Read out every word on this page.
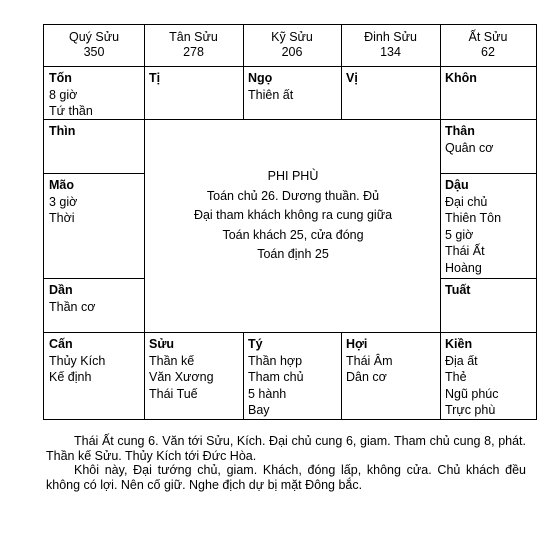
Quý Sửu
350
Tân Sửu
278
Kỹ Sửu
206
Đinh Sửu
134
Ất Sửu
62
Tốn
8 giờ
Tứ thần
Tị	Ngọ
Thiên ất
Vị	Khôn
Thìn
Mão
3 giờ
Thời
Dần
Thần cơ
Thân
Quân cơ
Dậu
Đại chủ
Thiên Tôn
5 giờ
Thái Ất
Hoàng
Tuất
PHI PHÙ
Toán chủ 26. Dương thuần. Đủ
Đại tham khách không ra cung giữa
Toán khách 25, cửa đóng
Toán định 25
Cấn
Thủy Kích
Kế định
Sửu
Thần kế
Văn Xương
Thái Tuế
Tý
Thần hợp
Tham chủ
5 hành
Bay
Hợi
Thái Âm
Dân cơ
Kiền
Địa ất
Thẻ
Ngũ phúc
Trực phù

Thái Ất cung 6. Văn tới Sửu, Kích. Đại chủ cung 6, giam. Tham chủ cung 8, phát. Thần kế Sửu. Thủy Kích tới Đức Hòa.

Khôi này, Đại tướng chủ, giam. Khách, đóng lấp, không cửa. Chủ khách đều không có lợi. Nên cố giữ. Nghe địch dự bị mặt Đông bắc.
